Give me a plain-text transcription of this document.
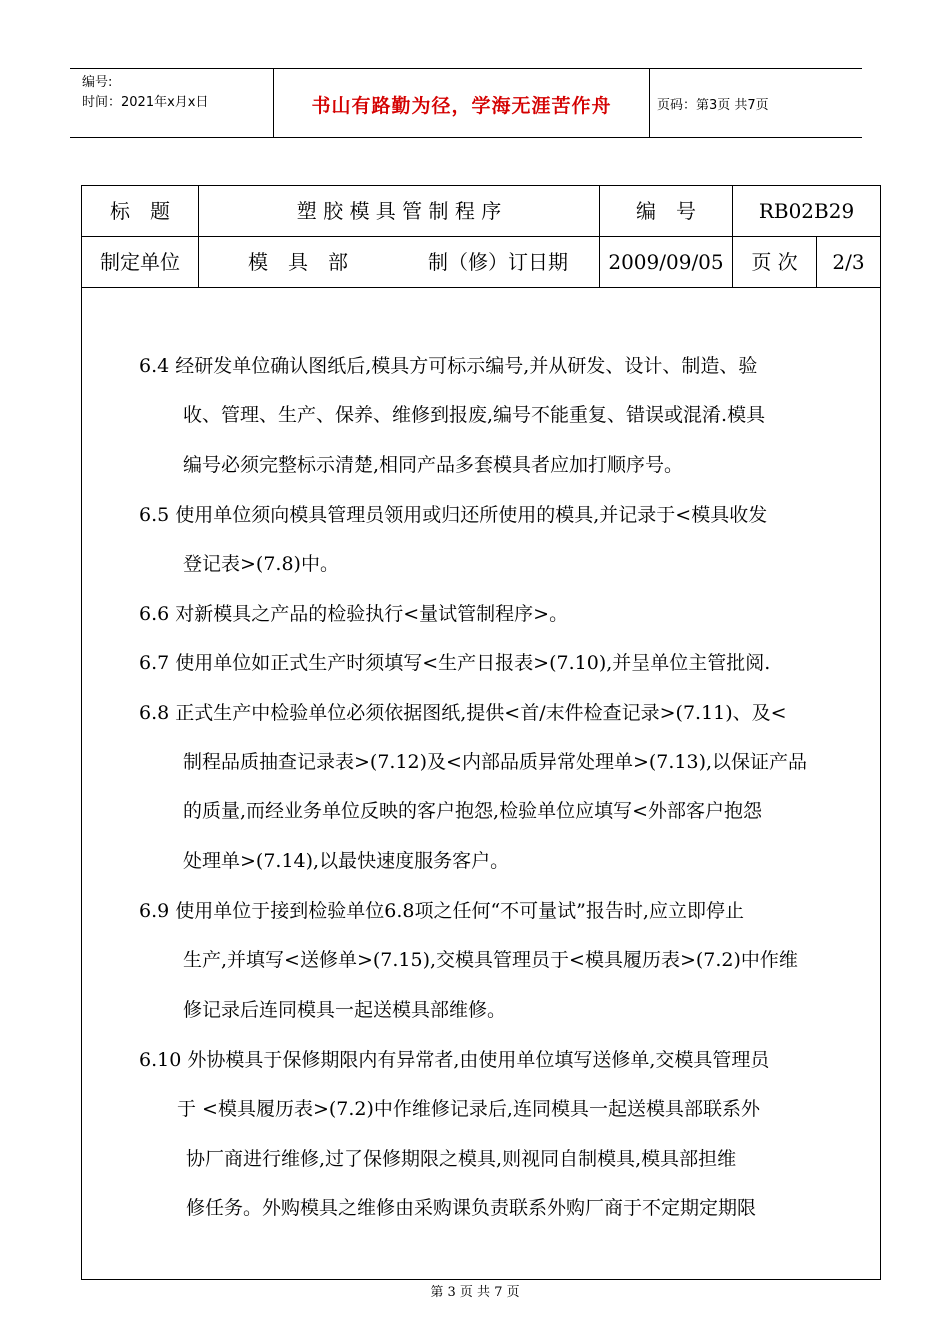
编号:
时间：2021年x月x日	书山有路勤为径，学海无涯苦作舟	页码：第3页 共7页
标　题	塑 胶 模 具 管 制 程 序	编　号	RB02B29
制定单位	模　具　部	制（修）订日期	2009/09/05	页 次	2/3
6.4 经研发单位确认图纸后,模具方可标示编号,并从研发、设计、制造、验
收、管理、生产、保养、维修到报废,编号不能重复、错误或混淆.模具
编号必须完整标示清楚,相同产品多套模具者应加打顺序号。
6.5 使用单位须向模具管理员领用或归还所使用的模具,并记录于<模具收发
登记表>(7.8)中。
6.6 对新模具之产品的检验执行<量试管制程序>。
6.7 使用单位如正式生产时须填写<生产日报表>(7.10),并呈单位主管批阅.
6.8 正式生产中检验单位必须依据图纸,提供<首/末件检查记录>(7.11)、及<
制程品质抽查记录表>(7.12)及<内部品质异常处理单>(7.13),以保证产品
的质量,而经业务单位反映的客户抱怨,检验单位应填写<外部客户抱怨
处理单>(7.14),以最快速度服务客户。
6.9 使用单位于接到检验单位6.8项之任何“不可量试”报告时,应立即停止
生产,并填写<送修单>(7.15),交模具管理员于<模具履历表>(7.2)中作维
修记录后连同模具一起送模具部维修。
6.10 外协模具于保修期限内有异常者,由使用单位填写送修单,交模具管理员
于 <模具履历表>(7.2)中作维修记录后,连同模具一起送模具部联系外
协厂商进行维修,过了保修期限之模具,则视同自制模具,模具部担维
修任务。外购模具之维修由采购课负责联系外购厂商于不定期定期限
第 3 页 共 7 页
